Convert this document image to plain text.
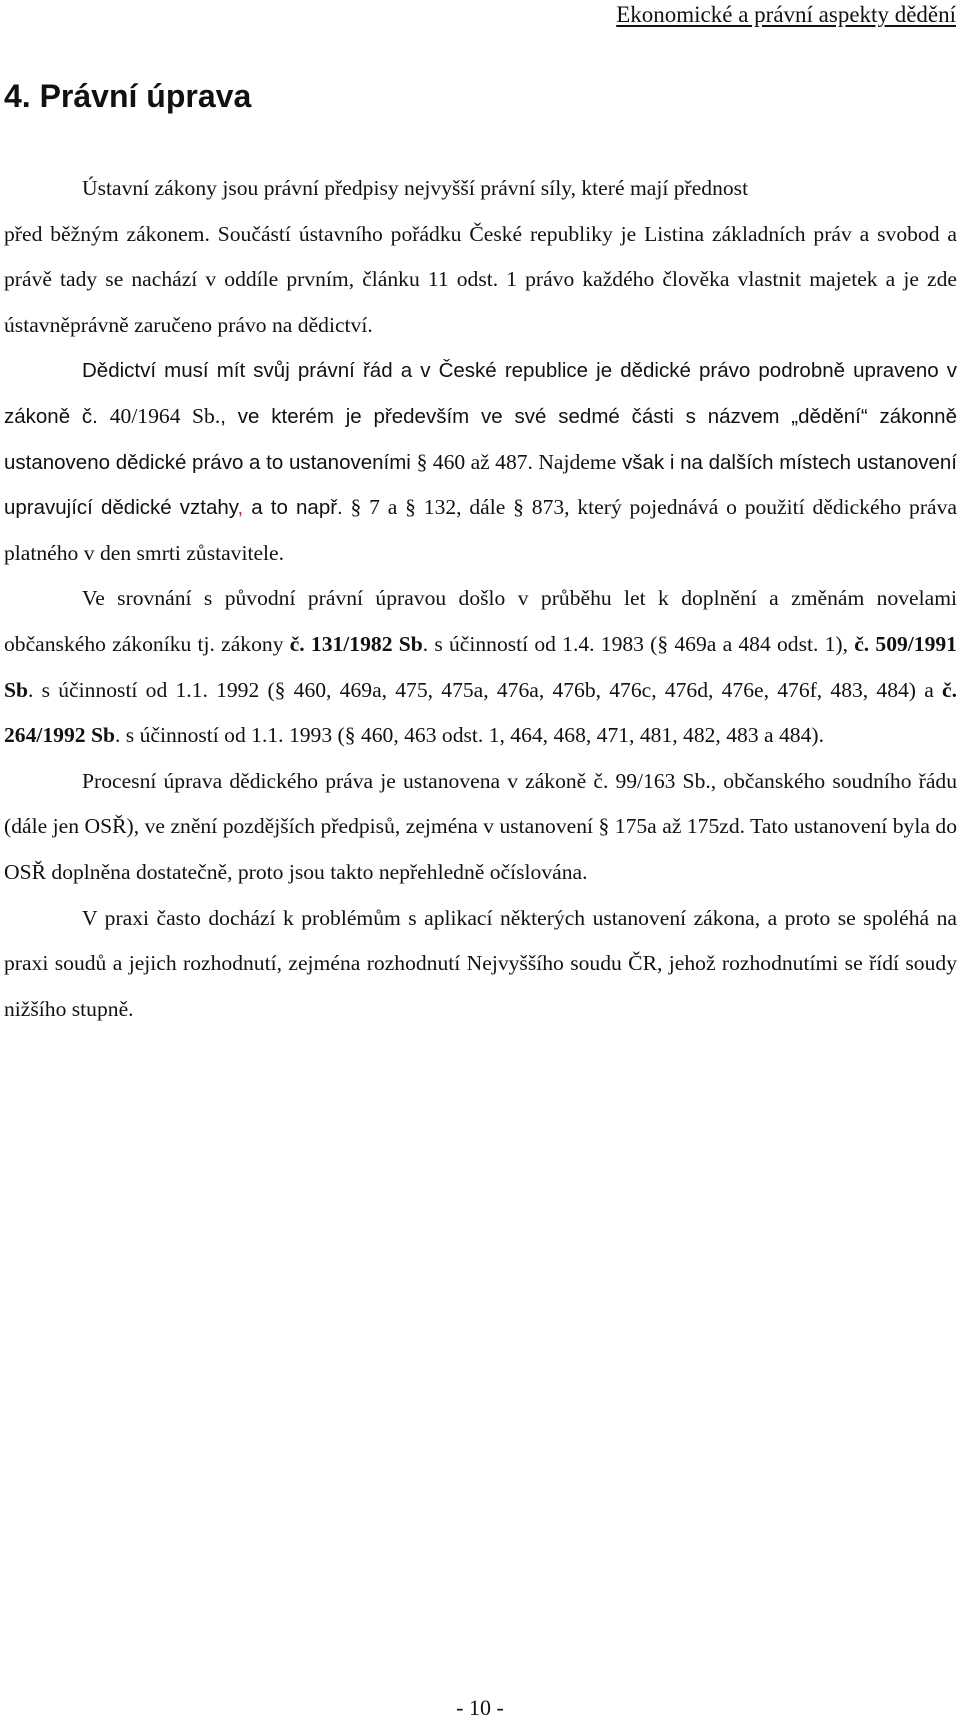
Ekonomické a právní aspekty dědění
4. Právní úprava

Ústavní zákony jsou právní předpisy nejvyšší právní síly, které mají přednost

před běžným zákonem. Součástí ústavního pořádku České republiky je Listina základních práv a svobod a právě tady se nachází v oddíle prvním, článku 11 odst. 1 právo každého člověka vlastnit majetek a je zde ústavněprávně zaručeno právo na dědictví.

Dědictví musí mít svůj právní řád a v České republice je dědické právo podrobně upraveno v zákoně č. 40/1964 Sb., ve kterém je především ve své sedmé části s názvem „dědění“ zákonně ustanoveno dědické právo a to ustanoveními § 460 až 487. Najdeme však i na dalších místech ustanovení upravující dědické vztahy, a to např. § 7 a § 132, dále § 873, který pojednává o použití dědického práva platného v den smrti zůstavitele.

Ve srovnání s původní právní úpravou došlo v průběhu let k doplnění a změnám novelami občanského zákoníku tj. zákony č. 131/1982 Sb. s účinností od 1.4. 1983 (§ 469a a 484 odst. 1), č. 509/1991 Sb. s účinností od 1.1. 1992 (§ 460, 469a, 475, 475a, 476a, 476b, 476c, 476d, 476e, 476f, 483, 484) a č. 264/1992 Sb. s účinností od 1.1. 1993 (§ 460, 463 odst. 1, 464, 468, 471, 481, 482, 483 a 484).

Procesní úprava dědického práva je ustanovena v zákoně č. 99/163 Sb., občanského soudního řádu (dále jen OSŘ), ve znění pozdějších předpisů, zejména v ustanovení § 175a až 175zd. Tato ustanovení byla do OSŘ doplněna dostatečně, proto jsou takto nepřehledně očíslována.

V praxi často dochází k problémům s aplikací některých ustanovení zákona, a proto se spoléhá na praxi soudů a jejich rozhodnutí, zejména rozhodnutí Nejvyššího soudu ČR, jehož rozhodnutími se řídí soudy nižšího stupně.

- 10 -
